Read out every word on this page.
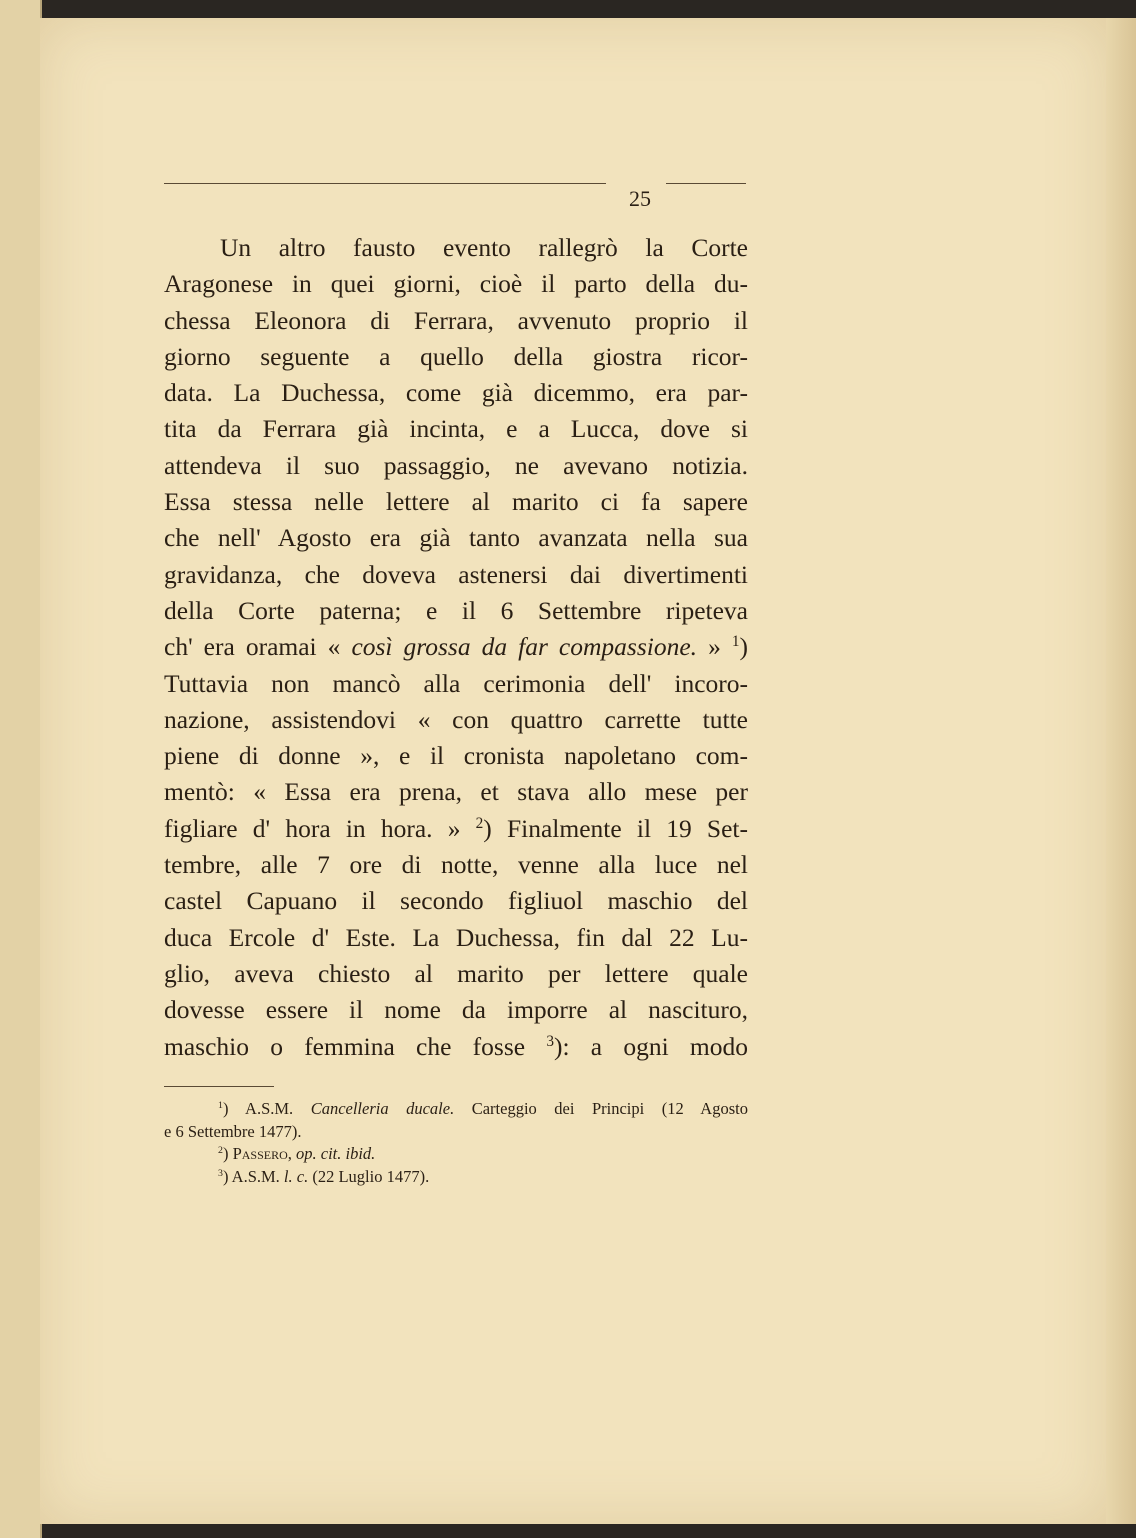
25
Un altro fausto evento rallegrò la Corte
Aragonese in quei giorni, cioè il parto della du-
chessa Eleonora di Ferrara, avvenuto proprio il
giorno seguente a quello della giostra ricor-
data. La Duchessa, come già dicemmo, era par-
tita da Ferrara già incinta, e a Lucca, dove si
attendeva il suo passaggio, ne avevano notizia.
Essa stessa nelle lettere al marito ci fa sapere
che nell' Agosto era già tanto avanzata nella sua
gravidanza, che doveva astenersi dai divertimenti
della Corte paterna; e il 6 Settembre ripeteva
ch' era oramai « così grossa da far compassione. » $^1$)
Tuttavia non mancò alla cerimonia dell' incoro-
nazione, assistendovi « con quattro carrette tutte
piene di donne », e il cronista napoletano com-
mentò: « Essa era prena, et stava allo mese per
figliare d' hora in hora. » $^2$) Finalmente il 19 Set-
tembre, alle 7 ore di notte, venne alla luce nel
castel Capuano il secondo figliuol maschio del
duca Ercole d' Este. La Duchessa, fin dal 22 Lu-
glio, aveva chiesto al marito per lettere quale
dovesse essere il nome da imporre al nascituro,
maschio o femmina che fosse $^3$): a ogni modo
$^1$) A.S.M. Cancelleria ducale. Carteggio dei Principi (12 Agosto
e 6 Settembre 1477).
$^2$) Passero, op. cit. ibid.
$^3$) A.S.M. l. c. (22 Luglio 1477).
